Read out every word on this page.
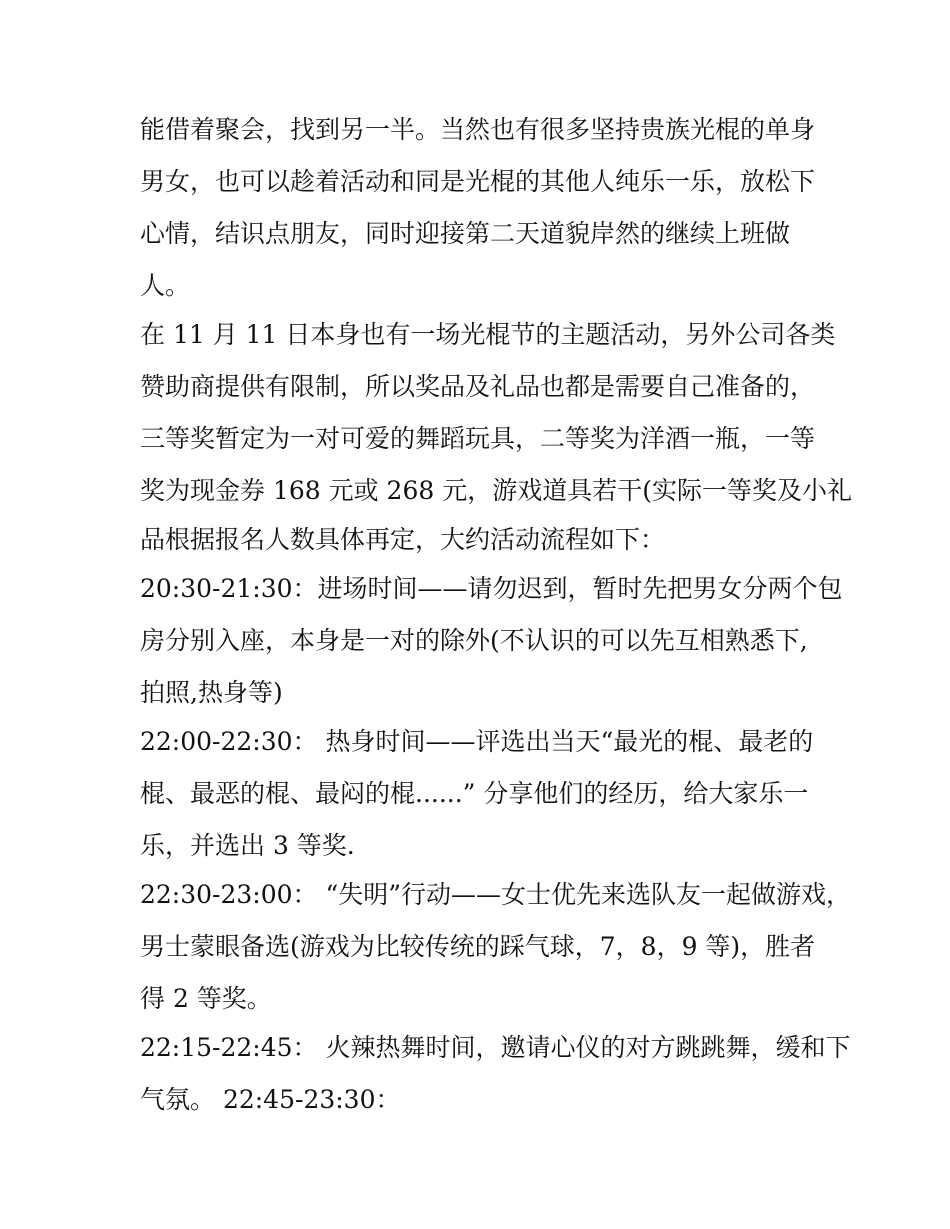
能借着聚会，找到另一半。当然也有很多坚持贵族光棍的单身
男女，也可以趁着活动和同是光棍的其他人纯乐一乐，放松下
心情，结识点朋友，同时迎接第二天道貌岸然的继续上班做
人。
在 11 月 11 日本身也有一场光棍节的主题活动，另外公司各类
赞助商提供有限制，所以奖品及礼品也都是需要自己准备的，
三等奖暂定为一对可爱的舞蹈玩具，二等奖为洋酒一瓶，一等
奖为现金券 168 元或 268 元，游戏道具若干(实际一等奖及小礼
品根据报名人数具体再定，大约活动流程如下：
20:30-21:30：进场时间——请勿迟到，暂时先把男女分两个包
房分别入座，本身是一对的除外(不认识的可以先互相熟悉下,
拍照,热身等)
22:00-22:30： 热身时间——评选出当天“最光的棍、最老的
棍、最恶的棍、最闷的棍......” 分享他们的经历，给大家乐一
乐，并选出 3 等奖.
22:30-23:00： “失明”行动——女士优先来选队友一起做游戏，
男士蒙眼备选(游戏为比较传统的踩气球，7，8，9 等)，胜者
得 2 等奖。
22:15-22:45： 火辣热舞时间，邀请心仪的对方跳跳舞，缓和下
气氛。 22:45-23:30：
